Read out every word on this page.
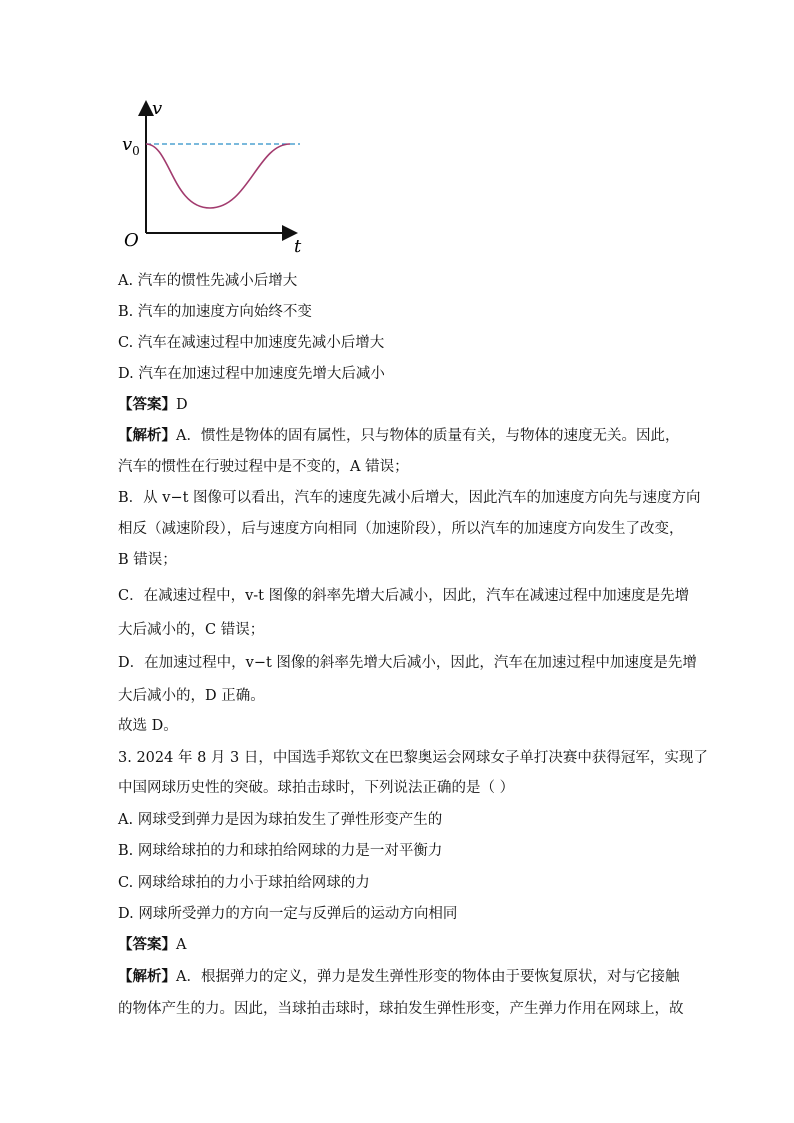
v
$v_0$
O	t
A. 汽车的惯性先减小后增大
B. 汽车的加速度方向始终不变
C. 汽车在减速过程中加速度先减小后增大
D. 汽车在加速过程中加速度先增大后减小
【答案】D
【解析】A．惯性是物体的固有属性，只与物体的质量有关，与物体的速度无关。因此，
汽车的惯性在行驶过程中是不变的，A 错误；
B．从 v−t 图像可以看出，汽车的速度先减小后增大，因此汽车的加速度方向先与速度方向
相反（减速阶段），后与速度方向相同（加速阶段），所以汽车的加速度方向发生了改变，
B 错误；
C．在减速过程中，v-t 图像的斜率先增大后减小，因此，汽车在减速过程中加速度是先增
大后减小的，C 错误；
D．在加速过程中，v−t 图像的斜率先增大后减小，因此，汽车在加速过程中加速度是先增
大后减小的，D 正确。
故选 D。
3. 2024 年 8 月 3 日，中国选手郑钦文在巴黎奥运会网球女子单打决赛中获得冠军，实现了
中国网球历史性的突破。球拍击球时，下列说法正确的是（ ）
A. 网球受到弹力是因为球拍发生了弹性形变产生的
B. 网球给球拍的力和球拍给网球的力是一对平衡力
C. 网球给球拍的力小于球拍给网球的力
D. 网球所受弹力的方向一定与反弹后的运动方向相同
【答案】A
【解析】A．根据弹力的定义，弹力是发生弹性形变的物体由于要恢复原状，对与它接触
的物体产生的力。因此，当球拍击球时，球拍发生弹性形变，产生弹力作用在网球上，故
